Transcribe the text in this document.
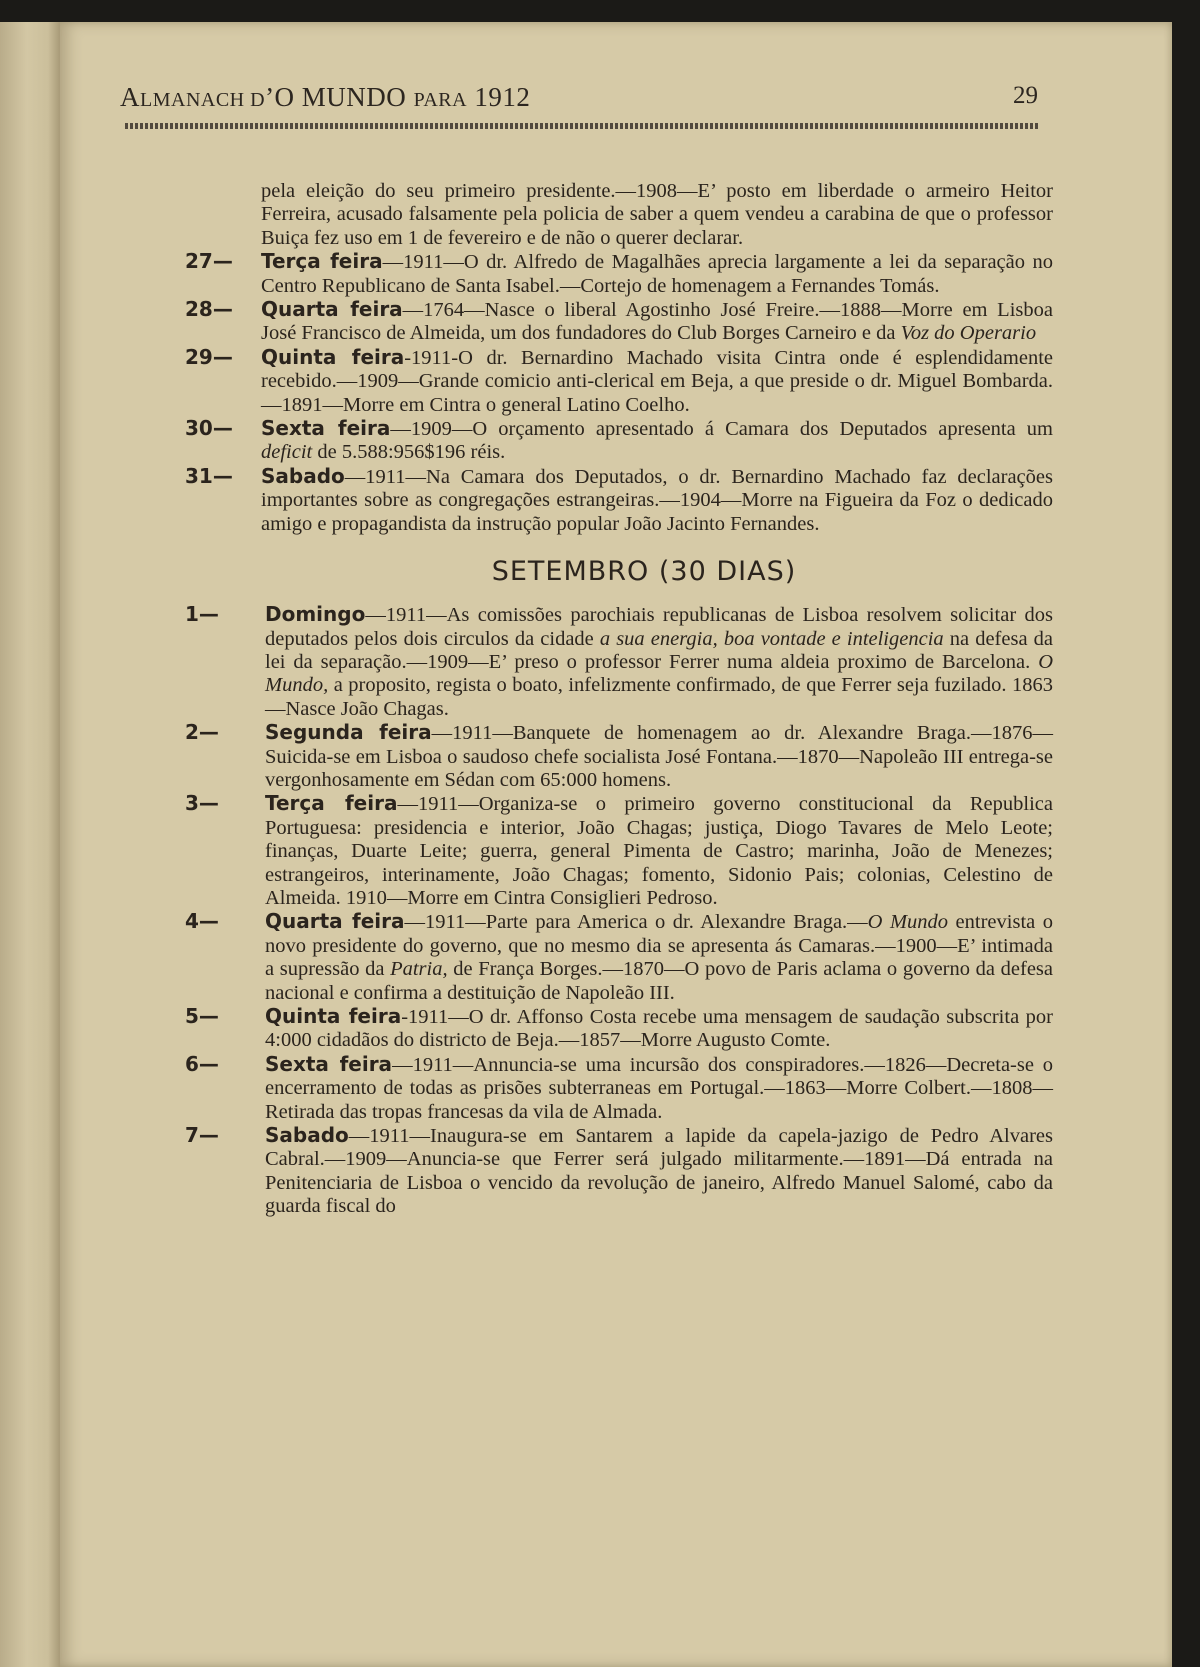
ALMANACH D’O MUNDO PARA 1912	29

pela eleição do seu primeiro presidente.—1908—E’ posto em liberdade o armeiro Heitor Ferreira, acusado falsamente pela policia de saber a quem vendeu a carabina de que o professor Buiça fez uso em 1 de fevereiro e de não o querer declarar.

27—	Terça feira—1911—O dr. Alfredo de Magalhães aprecia largamente a lei da separação no Centro Republicano de Santa Isabel.—Cortejo de homenagem a Fernandes Tomás.

28—	Quarta feira—1764—Nasce o liberal Agostinho José Freire.—1888—Morre em Lisboa José Francisco de Almeida, um dos fundadores do Club Borges Carneiro e da Voz do Operario

29—	Quinta feira-1911-O dr. Bernardino Machado visita Cintra onde é esplendidamente recebido.—1909—Grande comicio anti-clerical em Beja, a que preside o dr. Miguel Bombarda.—1891—Morre em Cintra o general Latino Coelho.

30—	Sexta feira—1909—O orçamento apresentado á Camara dos Deputados apresenta um deficit de 5.588:956$196 réis.

31—	Sabado—1911—Na Camara dos Deputados, o dr. Bernardino Machado faz declarações importantes sobre as congregações estrangeiras.—1904—Morre na Figueira da Foz o dedicado amigo e propagandista da instrução popular João Jacinto Fernandes.

SETEMBRO (30 DIAS)

1—	Domingo—1911—As comissões parochiais republicanas de Lisboa resolvem solicitar dos deputados pelos dois circulos da cidade a sua energia, boa vontade e inteligencia na defesa da lei da separação.—1909—E’ preso o professor Ferrer numa aldeia proximo de Barcelona. O Mundo, a proposito, regista o boato, infelizmente confirmado, de que Ferrer seja fuzilado. 1863—Nasce João Chagas.

2—	Segunda feira—1911—Banquete de homenagem ao dr. Alexandre Braga.—1876—Suicida-se em Lisboa o saudoso chefe socialista José Fontana.—1870—Napoleão III entrega-se vergonhosamente em Sédan com 65:000 homens.

3—	Terça feira—1911—Organiza-se o primeiro governo constitucional da Republica Portuguesa: presidencia e interior, João Chagas; justiça, Diogo Tavares de Melo Leote; finanças, Duarte Leite; guerra, general Pimenta de Castro; marinha, João de Menezes; estrangeiros, interinamente, João Chagas; fomento, Sidonio Pais; colonias, Celestino de Almeida. 1910—Morre em Cintra Consiglieri Pedroso.

4—	Quarta feira—1911—Parte para America o dr. Alexandre Braga.—O Mundo entrevista o novo presidente do governo, que no mesmo dia se apresenta ás Camaras.—1900—E’ intimada a supressão da Patria, de França Borges.—1870—O povo de Paris aclama o governo da defesa nacional e confirma a destituição de Napoleão III.

5—	Quinta feira-1911—O dr. Affonso Costa recebe uma mensagem de saudação subscrita por 4:000 cidadãos do districto de Beja.—1857—Morre Augusto Comte.

6—	Sexta feira—1911—Annuncia-se uma incursão dos conspiradores.—1826—Decreta-se o encerramento de todas as prisões subterraneas em Portugal.—1863—Morre Colbert.—1808—Retirada das tropas francesas da vila de Almada.

7—	Sabado—1911—Inaugura-se em Santarem a lapide da capela-jazigo de Pedro Alvares Cabral.—1909—Anuncia-se que Ferrer será julgado militarmente.—1891—Dá entrada na Penitenciaria de Lisboa o vencido da revolução de janeiro, Alfredo Manuel Salomé, cabo da guarda fiscal do
